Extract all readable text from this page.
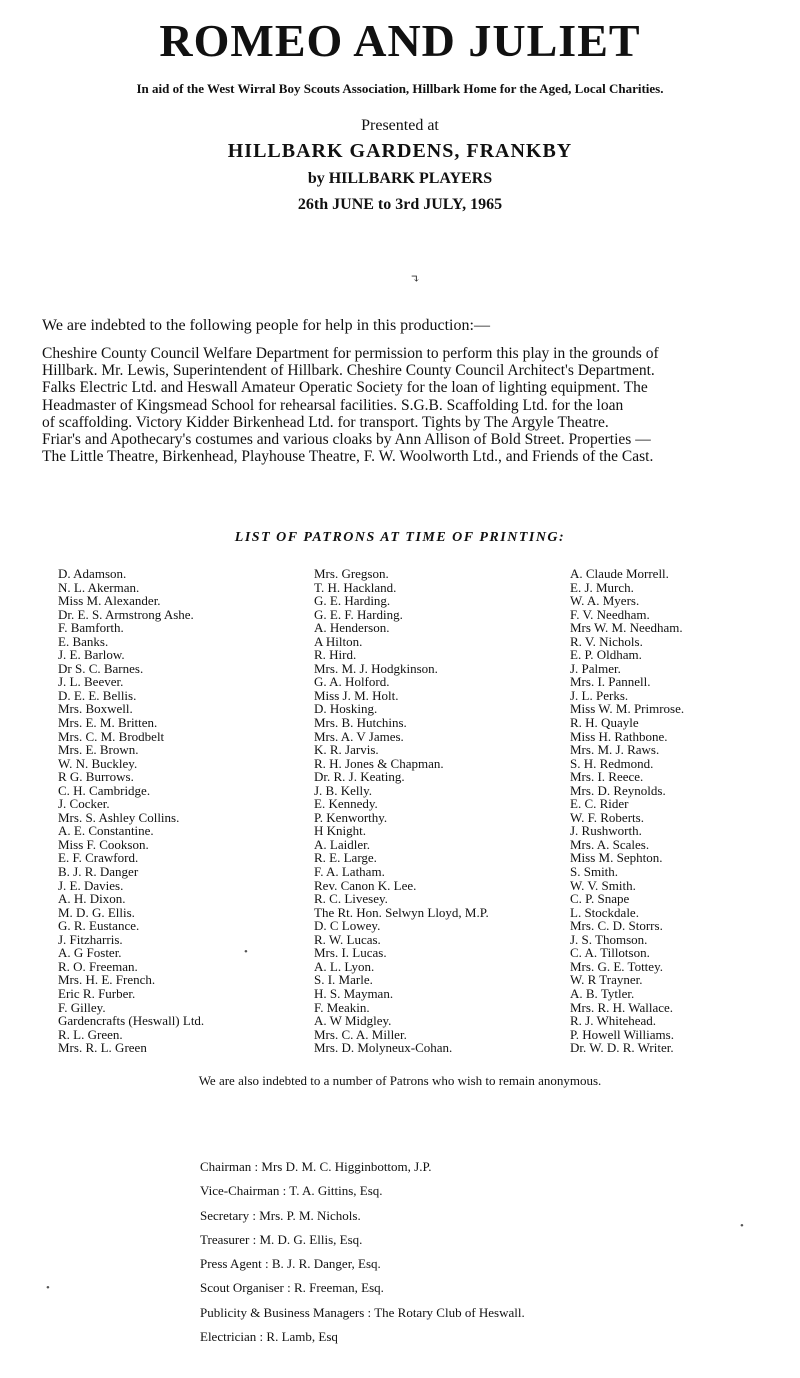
ROMEO AND JULIET
In aid of the West Wirral Boy Scouts Association, Hillbark Home for the Aged, Local Charities.
Presented at
HILLBARK GARDENS, FRANKBY
by HILLBARK PLAYERS
26th JUNE to 3rd JULY, 1965
↴
We are indebted to the following people for help in this production:—
Cheshire County Council Welfare Department for permission to perform this play in the grounds of
Hillbark. Mr. Lewis, Superintendent of Hillbark. Cheshire County Council Architect's Department.
Falks Electric Ltd. and Heswall Amateur Operatic Society for the loan of lighting equipment. The
Headmaster of Kingsmead School for rehearsal facilities. S.G.B. Scaffolding Ltd. for the loan
of scaffolding. Victory Kidder Birkenhead Ltd. for transport. Tights by The Argyle Theatre.
Friar's and Apothecary's costumes and various cloaks by Ann Allison of Bold Street. Properties —
The Little Theatre, Birkenhead, Playhouse Theatre, F. W. Woolworth Ltd., and Friends of the Cast.
LIST OF PATRONS AT TIME OF PRINTING:
D. Adamson.
N. L. Akerman.
Miss M. Alexander.
Dr. E. S. Armstrong Ashe.
F. Bamforth.
E. Banks.
J. E. Barlow.
Dr S. C. Barnes.
J. L. Beever.
D. E. E. Bellis.
Mrs. Boxwell.
Mrs. E. M. Britten.
Mrs. C. M. Brodbelt
Mrs. E. Brown.
W. N. Buckley.
R G. Burrows.
C. H. Cambridge.
J. Cocker.
Mrs. S. Ashley Collins.
A. E. Constantine.
Miss F. Cookson.
E. F. Crawford.
B. J. R. Danger
J. E. Davies.
A. H. Dixon.
M. D. G. Ellis.
G. R. Eustance.
J. Fitzharris.
A. G Foster.
R. O. Freeman.
Mrs. H. E. French.
Eric R. Furber.
F. Gilley.
Gardencrafts (Heswall) Ltd.
R. L. Green.
Mrs. R. L. Green
Mrs. Gregson.
T. H. Hackland.
G. E. Harding.
G. E. F. Harding.
A. Henderson.
A Hilton.
R. Hird.
Mrs. M. J. Hodgkinson.
G. A. Holford.
Miss J. M. Holt.
D. Hosking.
Mrs. B. Hutchins.
Mrs. A. V James.
K. R. Jarvis.
R. H. Jones & Chapman.
Dr. R. J. Keating.
J. B. Kelly.
E. Kennedy.
P. Kenworthy.
H Knight.
A. Laidler.
R. E. Large.
F. A. Latham.
Rev. Canon K. Lee.
R. C. Livesey.
The Rt. Hon. Selwyn Lloyd, M.P.
D. C Lowey.
R. W. Lucas.
Mrs. I. Lucas.
A. L. Lyon.
S. I. Marle.
H. S. Mayman.
F. Meakin.
A. W Midgley.
Mrs. C. A. Miller.
Mrs. D. Molyneux-Cohan.
A. Claude Morrell.
E. J. Murch.
W. A. Myers.
F. V. Needham.
Mrs W. M. Needham.
R. V. Nichols.
E. P. Oldham.
J. Palmer.
Mrs. I. Pannell.
J. L. Perks.
Miss W. M. Primrose.
R. H. Quayle
Miss H. Rathbone.
Mrs. M. J. Raws.
S. H. Redmond.
Mrs. I. Reece.
Mrs. D. Reynolds.
E. C. Rider
W. F. Roberts.
J. Rushworth.
Mrs. A. Scales.
Miss M. Sephton.
S. Smith.
W. V. Smith.
C. P. Snape
L. Stockdale.
Mrs. C. D. Storrs.
J. S. Thomson.
C. A. Tillotson.
Mrs. G. E. Tottey.
W. R Trayner.
A. B. Tytler.
Mrs. R. H. Wallace.
R. J. Whitehead.
P. Howell Williams.
Dr. W. D. R. Writer.
We are also indebted to a number of Patrons who wish to remain anonymous.
Chairman : Mrs D. M. C. Higginbottom, J.P.
Vice-Chairman : T. A. Gittins, Esq.
Secretary : Mrs. P. M. Nichols.
Treasurer : M. D. G. Ellis, Esq.
Press Agent : B. J. R. Danger, Esq.
Scout Organiser : R. Freeman, Esq.
Publicity & Business Managers : The Rotary Club of Heswall.
Electrician : R. Lamb, Esq
•
•
•
